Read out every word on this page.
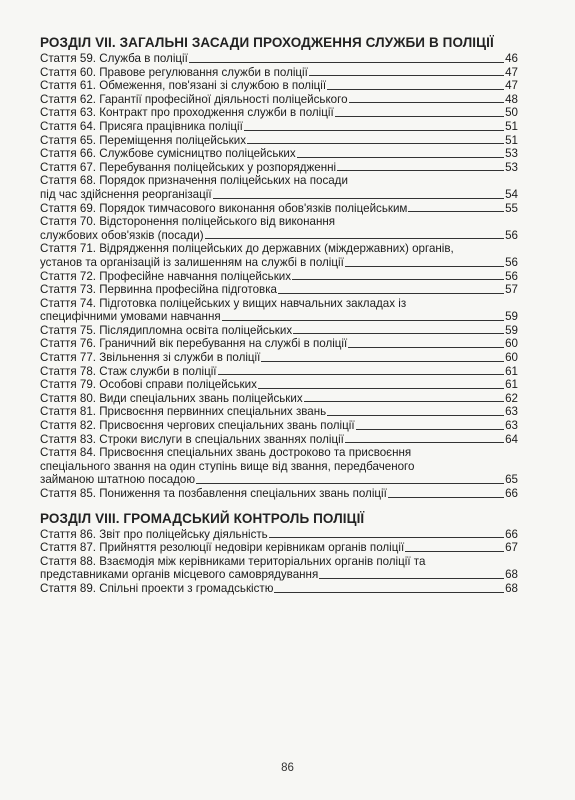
РОЗДІЛ VII. ЗАГАЛЬНІ ЗАСАДИ ПРОХОДЖЕННЯ СЛУЖБИ В ПОЛІЦІЇ
Стаття 59. Служба в поліції	46
Стаття 60. Правове регулювання служби в поліції	47
Стаття 61. Обмеження, пов'язані зі службою в поліції	47
Стаття 62. Гарантії професійної діяльності поліцейського	48
Стаття 63. Контракт про проходження служби в поліції	50
Стаття 64. Присяга працівника поліції	51
Стаття 65. Переміщення поліцейських	51
Стаття 66. Службове сумісництво поліцейських	53
Стаття 67. Перебування поліцейських у розпорядженні	53
Стаття 68. Порядок призначення поліцейських на посади
під час здійснення реорганізації	54
Стаття 69. Порядок тимчасового виконання обов'язків поліцейським	55
Стаття 70. Відсторонення поліцейського від виконання
службових обов'язків (посади)	56
Стаття 71. Відрядження поліцейських до державних (міждержавних) органів,
установ та організацій із залишенням на службі в поліції	56
Стаття 72. Професійне навчання поліцейських	56
Стаття 73. Первинна професійна підготовка	57
Стаття 74. Підготовка поліцейських у вищих навчальних закладах із
специфічними умовами навчання	59
Стаття 75. Післядипломна освіта поліцейських	59
Стаття 76. Граничний вік перебування на службі в поліції	60
Стаття 77. Звільнення зі служби в поліції	60
Стаття 78. Стаж служби в поліції	61
Стаття 79. Особові справи поліцейських	61
Стаття 80. Види спеціальних звань поліцейських	62
Стаття 81. Присвоєння первинних спеціальних звань	63
Стаття 82. Присвоєння чергових спеціальних звань поліції	63
Стаття 83. Строки вислуги в спеціальних званнях поліції	64
Стаття 84. Присвоєння спеціальних звань достроково та присвоєння
спеціального звання на один ступінь вище від звання, передбаченого
займаною штатною посадою	65
Стаття 85. Пониження та позбавлення спеціальних звань поліції	66
РОЗДІЛ VIII. ГРОМАДСЬКИЙ КОНТРОЛЬ ПОЛІЦІЇ
Стаття 86. Звіт про поліцейську діяльність	66
Стаття 87. Прийняття резолюції недовіри керівникам органів поліції	67
Стаття 88. Взаємодія між керівниками територіальних органів поліції та
представниками органів місцевого самоврядування	68
Стаття 89. Спільні проекти з громадськістю	68
86
